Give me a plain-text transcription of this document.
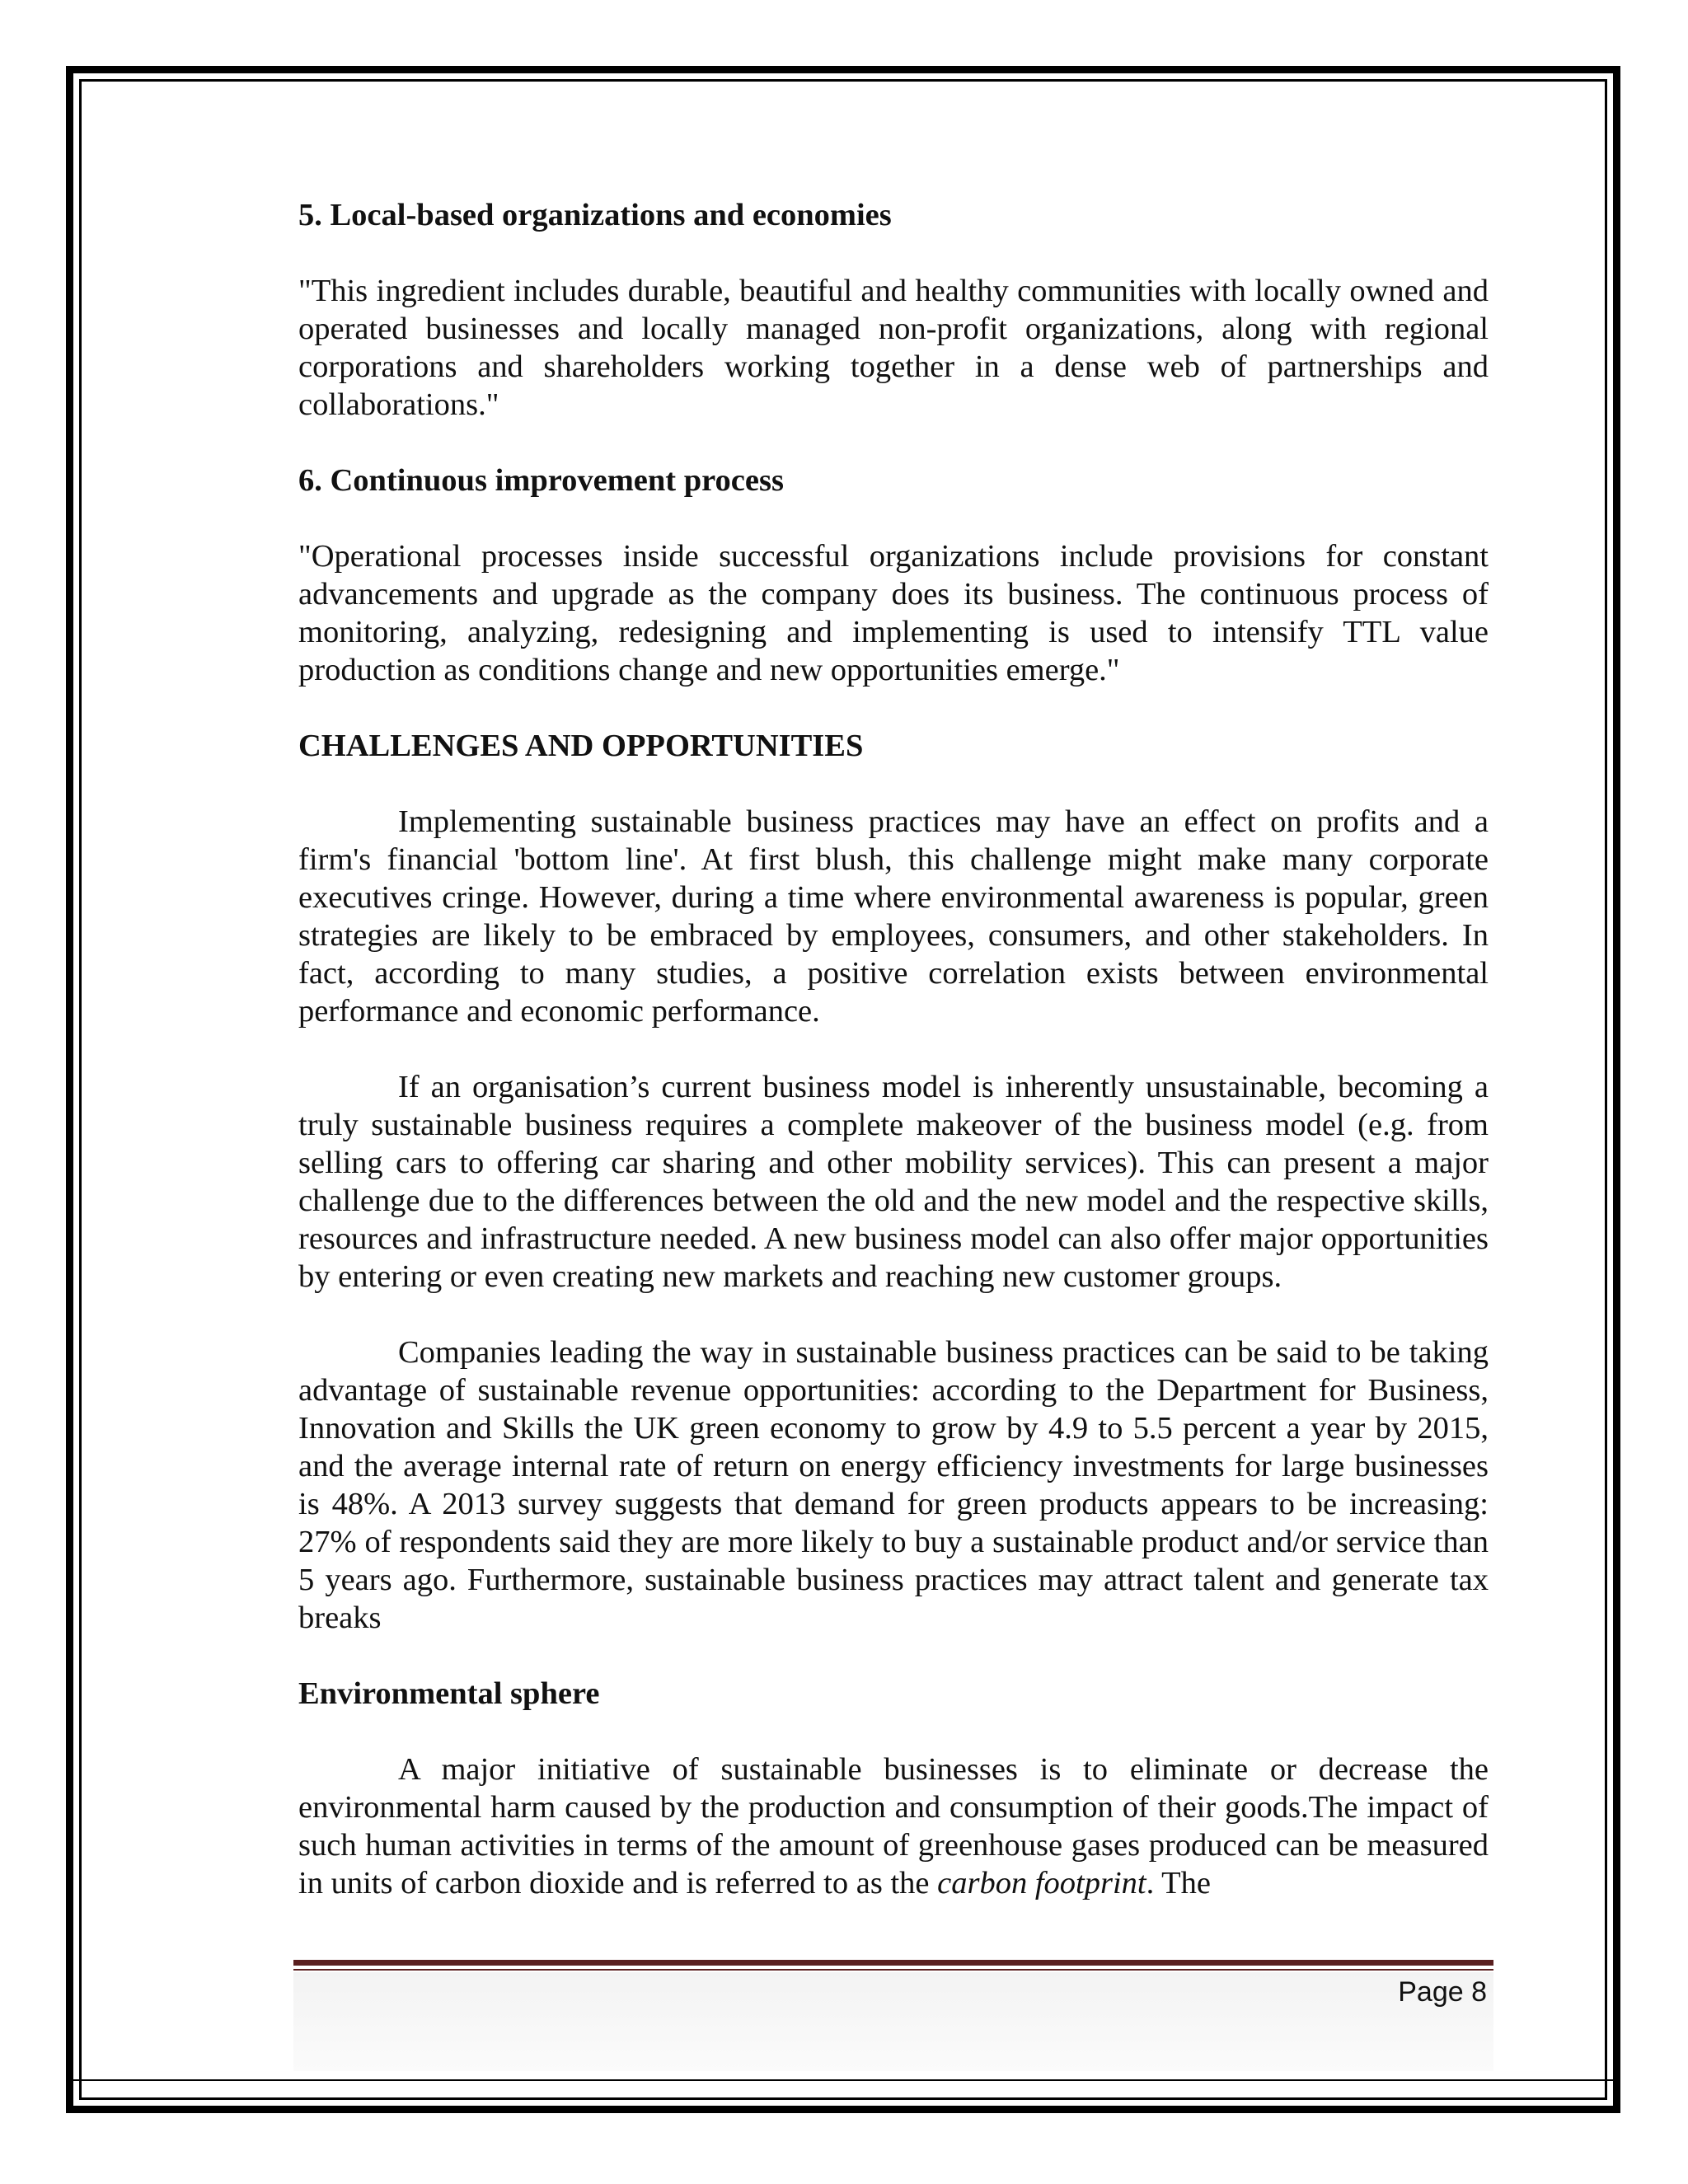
5. Local-based organizations and economies

"This ingredient includes durable, beautiful and healthy communities with locally owned and operated businesses and locally managed non-profit organizations, along with regional corporations and shareholders working together in a dense web of partnerships and collaborations."

6. Continuous improvement process

"Operational processes inside successful organizations include provisions for constant advancements and upgrade as the company does its business. The continuous process of monitoring, analyzing, redesigning and implementing is used to intensify TTL value production as conditions change and new opportunities emerge."

CHALLENGES AND OPPORTUNITIES

Implementing sustainable business practices may have an effect on profits and a firm's financial 'bottom line'. At first blush, this challenge might make many corporate executives cringe. However, during a time where environmental awareness is popular, green strategies are likely to be embraced by employees, consumers, and other stakeholders. In fact, according to many studies, a positive correlation exists between environmental performance and economic performance.

If an organisation’s current business model is inherently unsustainable, becoming a truly sustainable business requires a complete makeover of the business model (e.g. from selling cars to offering car sharing and other mobility services). This can present a major challenge due to the differences between the old and the new model and the respective skills, resources and infrastructure needed. A new business model can also offer major opportunities by entering or even creating new markets and reaching new customer groups.

Companies leading the way in sustainable business practices can be said to be taking advantage of sustainable revenue opportunities: according to the Department for Business, Innovation and Skills the UK green economy to grow by 4.9 to 5.5 percent a year by 2015, and the average internal rate of return on energy efficiency investments for large businesses is 48%. A 2013 survey suggests that demand for green products appears to be increasing: 27% of respondents said they are more likely to buy a sustainable product and/or service than 5 years ago. Furthermore, sustainable business practices may attract talent and generate tax breaks

Environmental sphere

A major initiative of sustainable businesses is to eliminate or decrease the environmental harm caused by the production and consumption of their goods.The impact of such human activities in terms of the amount of greenhouse gases produced can be measured in units of carbon dioxide and is referred to as the carbon footprint. The

Page 8
